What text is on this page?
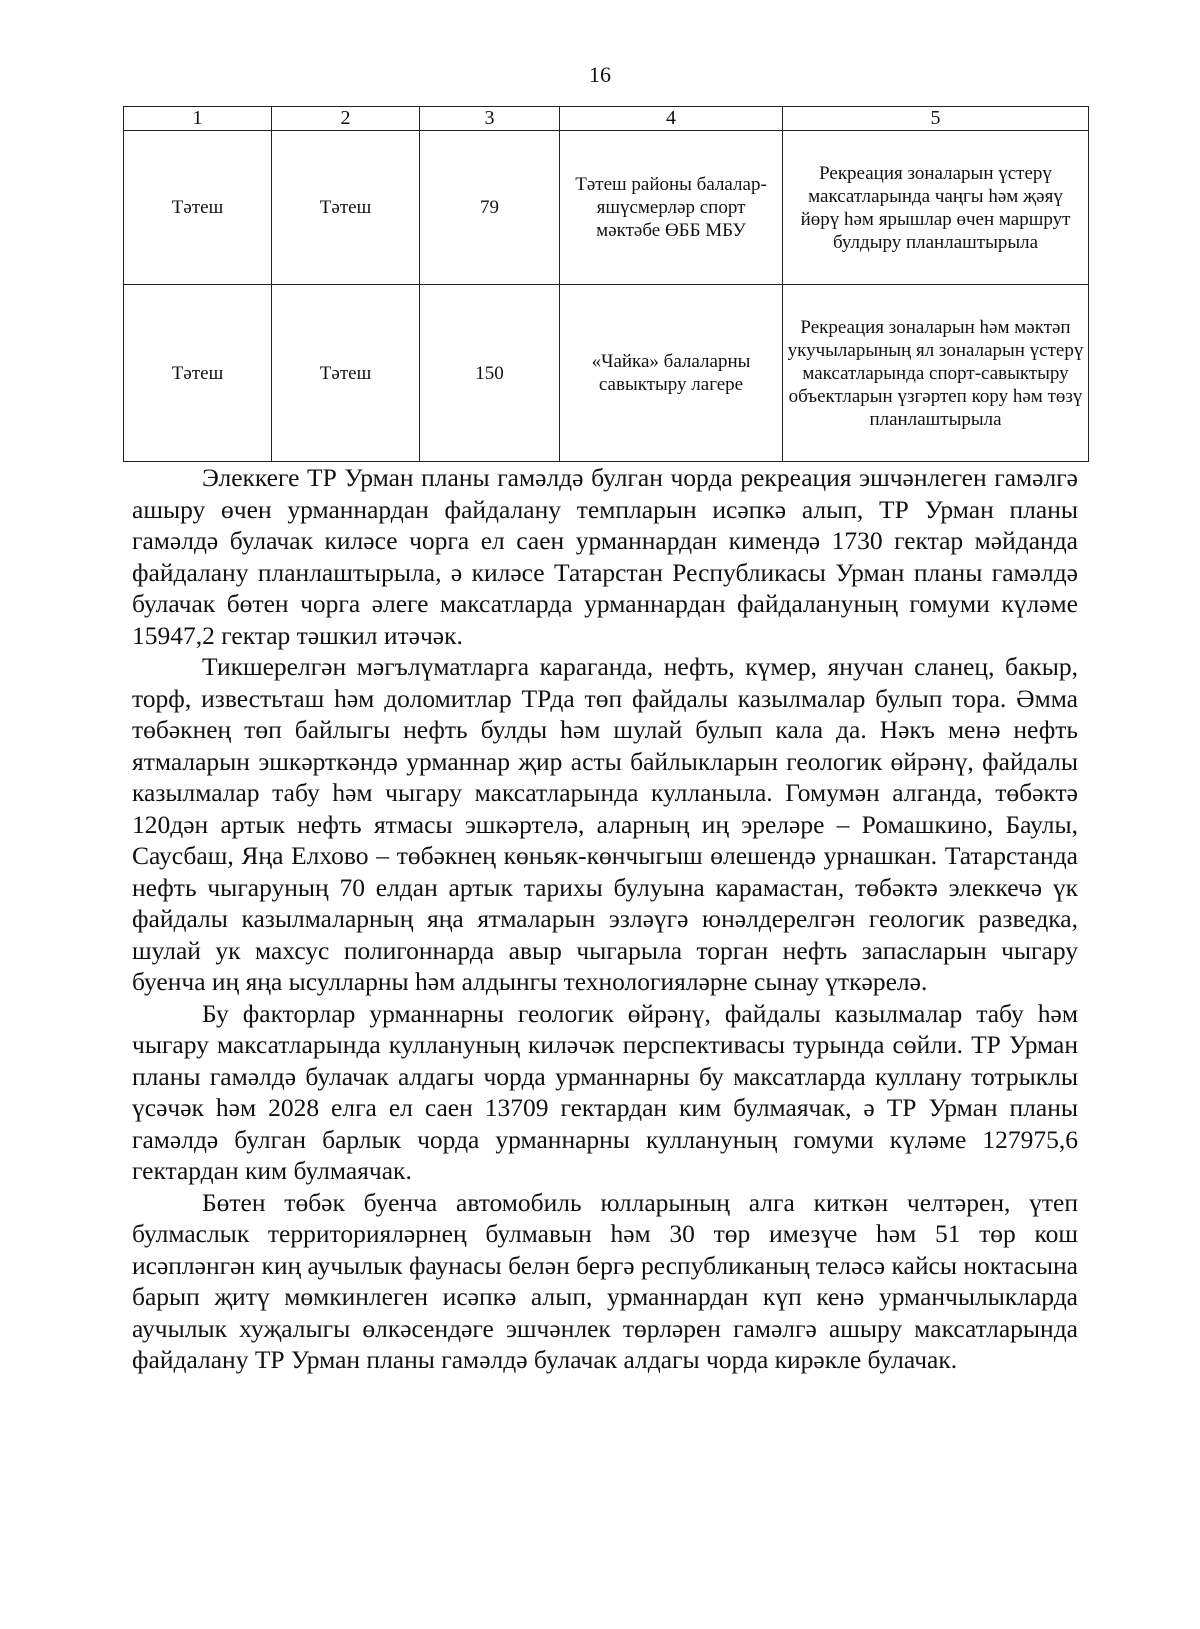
16
1	2	3	4	5
Тәтеш	Тәтеш	79	Тәтеш районы балалар-яшүсмерләр спорт мәктәбе ӨББ МБУ	Рекреация зоналарын үстерү максатларында чаңгы һәм җәяү йөрү һәм ярышлар өчен маршрут булдыру планлаштырыла
Тәтеш	Тәтеш	150	«Чайка» балаларны савыктыру лагере	Рекреация зоналарын һәм мәктәп укучыларының ял зоналарын үстерү максатларында спорт-савыктыру объектларын үзгәртеп кору һәм төзү планлаштырыла

Элеккеге ТР Урман планы гамәлдә булган чорда рекреация эшчәнлеген гамәлгә ашыру өчен урманнардан файдалану темпларын исәпкә алып, ТР Урман планы гамәлдә булачак киләсе чорга ел саен урманнардан кимендә 1730 гектар мәйданда файдалану планлаштырыла, ә киләсе Татарстан Республикасы Урман планы гамәлдә булачак бөтен чорга әлеге максатларда урманнардан файдалануның гомуми күләме 15947,2 гектар тәшкил итәчәк.

Тикшерелгән мәгълүматларга караганда, нефть, күмер, янучан сланец, бакыр, торф, известьташ һәм доломитлар ТРда төп файдалы казылмалар булып тора. Әмма төбәкнең төп байлыгы нефть булды һәм шулай булып кала да. Нәкъ менә нефть ятмаларын эшкәрткәндә урманнар җир асты байлыкларын геологик өйрәнү, файдалы казылмалар табу һәм чыгару максатларында кулланыла. Гомумән алганда, төбәктә 120дән артык нефть ятмасы эшкәртелә, аларның иң эреләре – Ромашкино, Баулы, Саусбаш, Яңа Елхово – төбәкнең көньяк-көнчыгыш өлешендә урнашкан. Татарстанда нефть чыгаруның 70 елдан артык тарихы булуына карамастан, төбәктә элеккечә үк файдалы казылмаларның яңа ятмаларын эзләүгә юнәлдерелгән геологик разведка, шулай ук махсус полигоннарда авыр чыгарыла торган нефть запасларын чыгару буенча иң яңа ысулларны һәм алдынгы технологияләрне сынау үткәрелә.

Бу факторлар урманнарны геологик өйрәнү, файдалы казылмалар табу һәм чыгару максатларында куллануның киләчәк перспективасы турында сөйли. ТР Урман планы гамәлдә булачак алдагы чорда урманнарны бу максатларда куллану тотрыклы үсәчәк һәм 2028 елга ел саен 13709 гектардан ким булмаячак, ә ТР Урман планы гамәлдә булган барлык чорда урманнарны куллануның гомуми күләме 127975,6 гектардан ким булмаячак.

Бөтен төбәк буенча автомобиль юлларының алга киткән челтәрен, үтеп булмаслык территорияләрнең булмавын һәм 30 төр имезүче һәм 51 төр кош исәпләнгән киң аучылык фаунасы белән бергә республиканың теләсә кайсы ноктасына барып җитү мөмкинлеген исәпкә алып, урманнардан күп кенә урманчылыкларда аучылык хуҗалыгы өлкәсендәге эшчәнлек төрләрен гамәлгә ашыру максатларында файдалану ТР Урман планы гамәлдә булачак алдагы чорда кирәкле булачак.
